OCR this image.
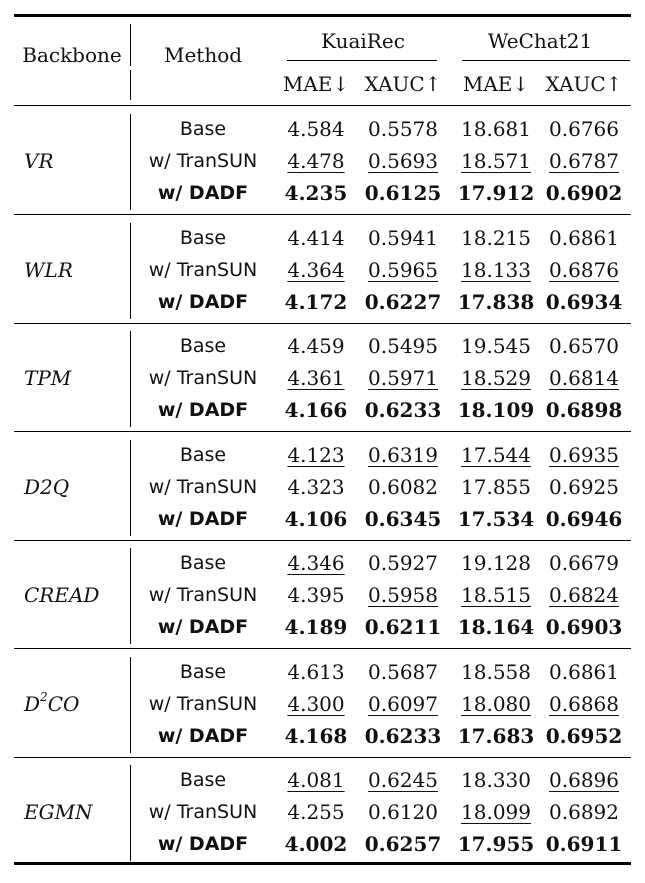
Backbone Method
KuaiRec	WeChat21
MAE↓ XAUC↑ MAE↓ XAUC↑
VR
Base	4.584 0.5578 18.681 0.6766
w/ TranSUN 4.478 0.5693 18.571 0.6787
w/ DADF 4.235 0.6125 17.912 0.6902
WLR
Base	4.414 0.5941 18.215 0.6861
w/ TranSUN 4.364 0.5965 18.133 0.6876
w/ DADF 4.172 0.6227 17.838 0.6934
TPM
Base	4.459 0.5495 19.545 0.6570
w/ TranSUN 4.361 0.5971 18.529 0.6814
w/ DADF 4.166 0.6233 18.109 0.6898
D2Q
Base	4.123 0.6319 17.544 0.6935
w/ TranSUN 4.323 0.6082 17.855 0.6925
w/ DADF 4.106 0.6345 17.534 0.6946
CREAD
Base	4.346 0.5927 19.128 0.6679
w/ TranSUN 4.395 0.5958 18.515 0.6824
w/ DADF 4.189 0.6211 18.164 0.6903
$D^2CO$
Base	4.613 0.5687 18.558 0.6861
w/ TranSUN 4.300 0.6097 18.080 0.6868
w/ DADF 4.168 0.6233 17.683 0.6952
EGMN
Base	4.081 0.6245 18.330 0.6896
w/ TranSUN 4.255 0.6120 18.099 0.6892
w/ DADF 4.002 0.6257 17.955 0.6911
